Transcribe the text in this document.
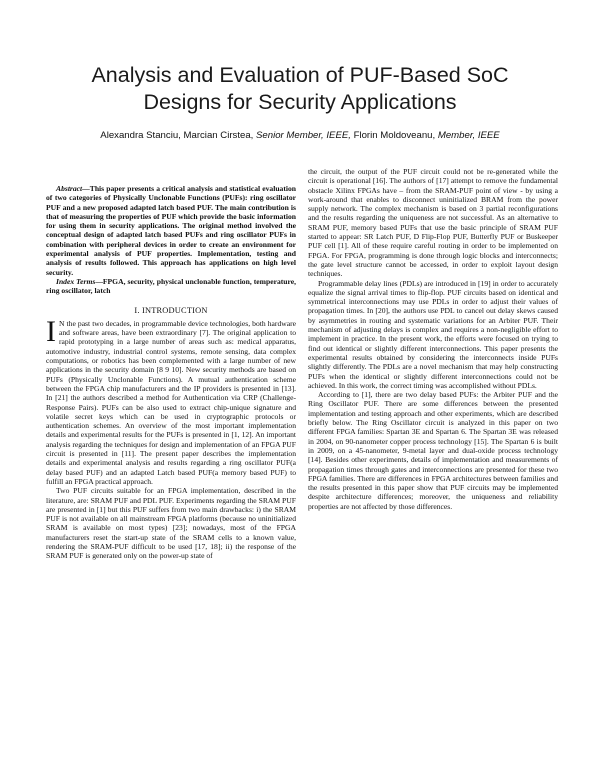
Analysis and Evaluation of PUF-Based SoC
Designs for Security Applications
Alexandra Stanciu, Marcian Cirstea, Senior Member, IEEE, Florin Moldoveanu, Member, IEEE

Abstract—This paper presents a critical analysis and statistical evaluation of two categories of Physically Unclonable Functions (PUFs): ring oscillator PUF and a new proposed adapted latch based PUF. The main contribution is that of measuring the properties of PUF which provide the basic information for using them in security applications. The original method involved the conceptual design of adapted latch based PUFs and ring oscillator PUFs in combination with peripheral devices in order to create an environment for experimental analysis of PUF properties. Implementation, testing and analysis of results followed. This approach has applications on high level security.

Index Terms—FPGA, security, physical unclonable function, temperature, ring oscillator, latch

I. INTRODUCTION

I N the past two decades, in programmable device technologies, both hardware and software areas, have been extraordinary [7]. The original application to rapid prototyping in a large number of areas such as: medical apparatus, automotive industry, industrial control systems, remote sensing, data complex computations, or robotics has been complemented with a large number of new applications in the security domain [8 9 10]. New security methods are based on PUFs (Physically Unclonable Functions). A mutual authentication scheme between the FPGA chip manufacturers and the IP providers is presented in [13]. In [21] the authors described a method for Authentication via CRP (Challenge-Response Pairs). PUFs can be also used to extract chip-unique signature and volatile secret keys which can be used in cryptographic protocols or authentication schemes. An overview of the most important implementation details and experimental results for the PUFs is presented in [1, 12]. An important analysis regarding the techniques for design and implementation of an FPGA PUF circuit is presented in [11]. The present paper describes the implementation details and experimental analysis and results regarding a ring oscillator PUF(a delay based PUF) and an adapted Latch based PUF(a memory based PUF) to fulfill an FPGA practical approach.

Two PUF circuits suitable for an FPGA implementation, described in the literature, are: SRAM PUF and PDL PUF. Experiments regarding the SRAM PUF are presented in [1] but this PUF suffers from two main drawbacks: i) the SRAM PUF is not available on all mainstream FPGA platforms (because no uninitialized SRAM is available on most types) [23]; nowadays, most of the FPGA manufacturers reset the start-up state of the SRAM cells to a known value, rendering the SRAM-PUF difficult to be used [17, 18]; ii) the response of the SRAM PUF is generated only on the power-up state of

the circuit, the output of the PUF circuit could not be re-generated while the circuit is operational [16]. The authors of [17] attempt to remove the fundamental obstacle Xilinx FPGAs have – from the SRAM-PUF point of view - by using a work-around that enables to disconnect uninitialized BRAM from the power supply network. The complex mechanism is based on 3 partial reconfigurations and the results regarding the uniqueness are not successful. As an alternative to SRAM PUF, memory based PUFs that use the basic principle of SRAM PUF started to appear: SR Latch PUF, D Flip-Flop PUF, Butterfly PUF or Buskeeper PUF cell [1]. All of these require careful routing in order to be implemented on FPGA. For FPGA, programming is done through logic blocks and interconnects; the gate level structure cannot be accessed, in order to exploit layout design techniques.

Programmable delay lines (PDLs) are introduced in [19] in order to accurately equalize the signal arrival times to flip-flop. PUF circuits based on identical and symmetrical interconnections may use PDLs in order to adjust their values of propagation times. In [20], the authors use PDL to cancel out delay skews caused by asymmetries in routing and systematic variations for an Arbiter PUF. Their mechanism of adjusting delays is complex and requires a non-negligible effort to implement in practice. In the present work, the efforts were focused on trying to find out identical or slightly different interconnections. This paper presents the experimental results obtained by considering the interconnects inside PUFs slightly differently. The PDLs are a novel mechanism that may help constructing PUFs when the identical or slightly different interconnections could not be achieved. In this work, the correct timing was accomplished without PDLs.

According to [1], there are two delay based PUFs: the Arbiter PUF and the Ring Oscillator PUF. There are some differences between the presented implementation and testing approach and other experiments, which are described briefly below. The Ring Oscillator circuit is analyzed in this paper on two different FPGA families: Spartan 3E and Spartan 6. The Spartan 3E was released in 2004, on 90-nanometer copper process technology [15]. The Spartan 6 is built in 2009, on a 45-nanometer, 9-metal layer and dual-oxide process technology [14]. Besides other experiments, details of implementation and measurements of propagation times through gates and interconnections are presented for these two FPGA families. There are differences in FPGA architectures between families and the results presented in this paper show that PUF circuits may be implemented despite architecture differences; moreover, the uniqueness and reliability properties are not affected by those differences.
